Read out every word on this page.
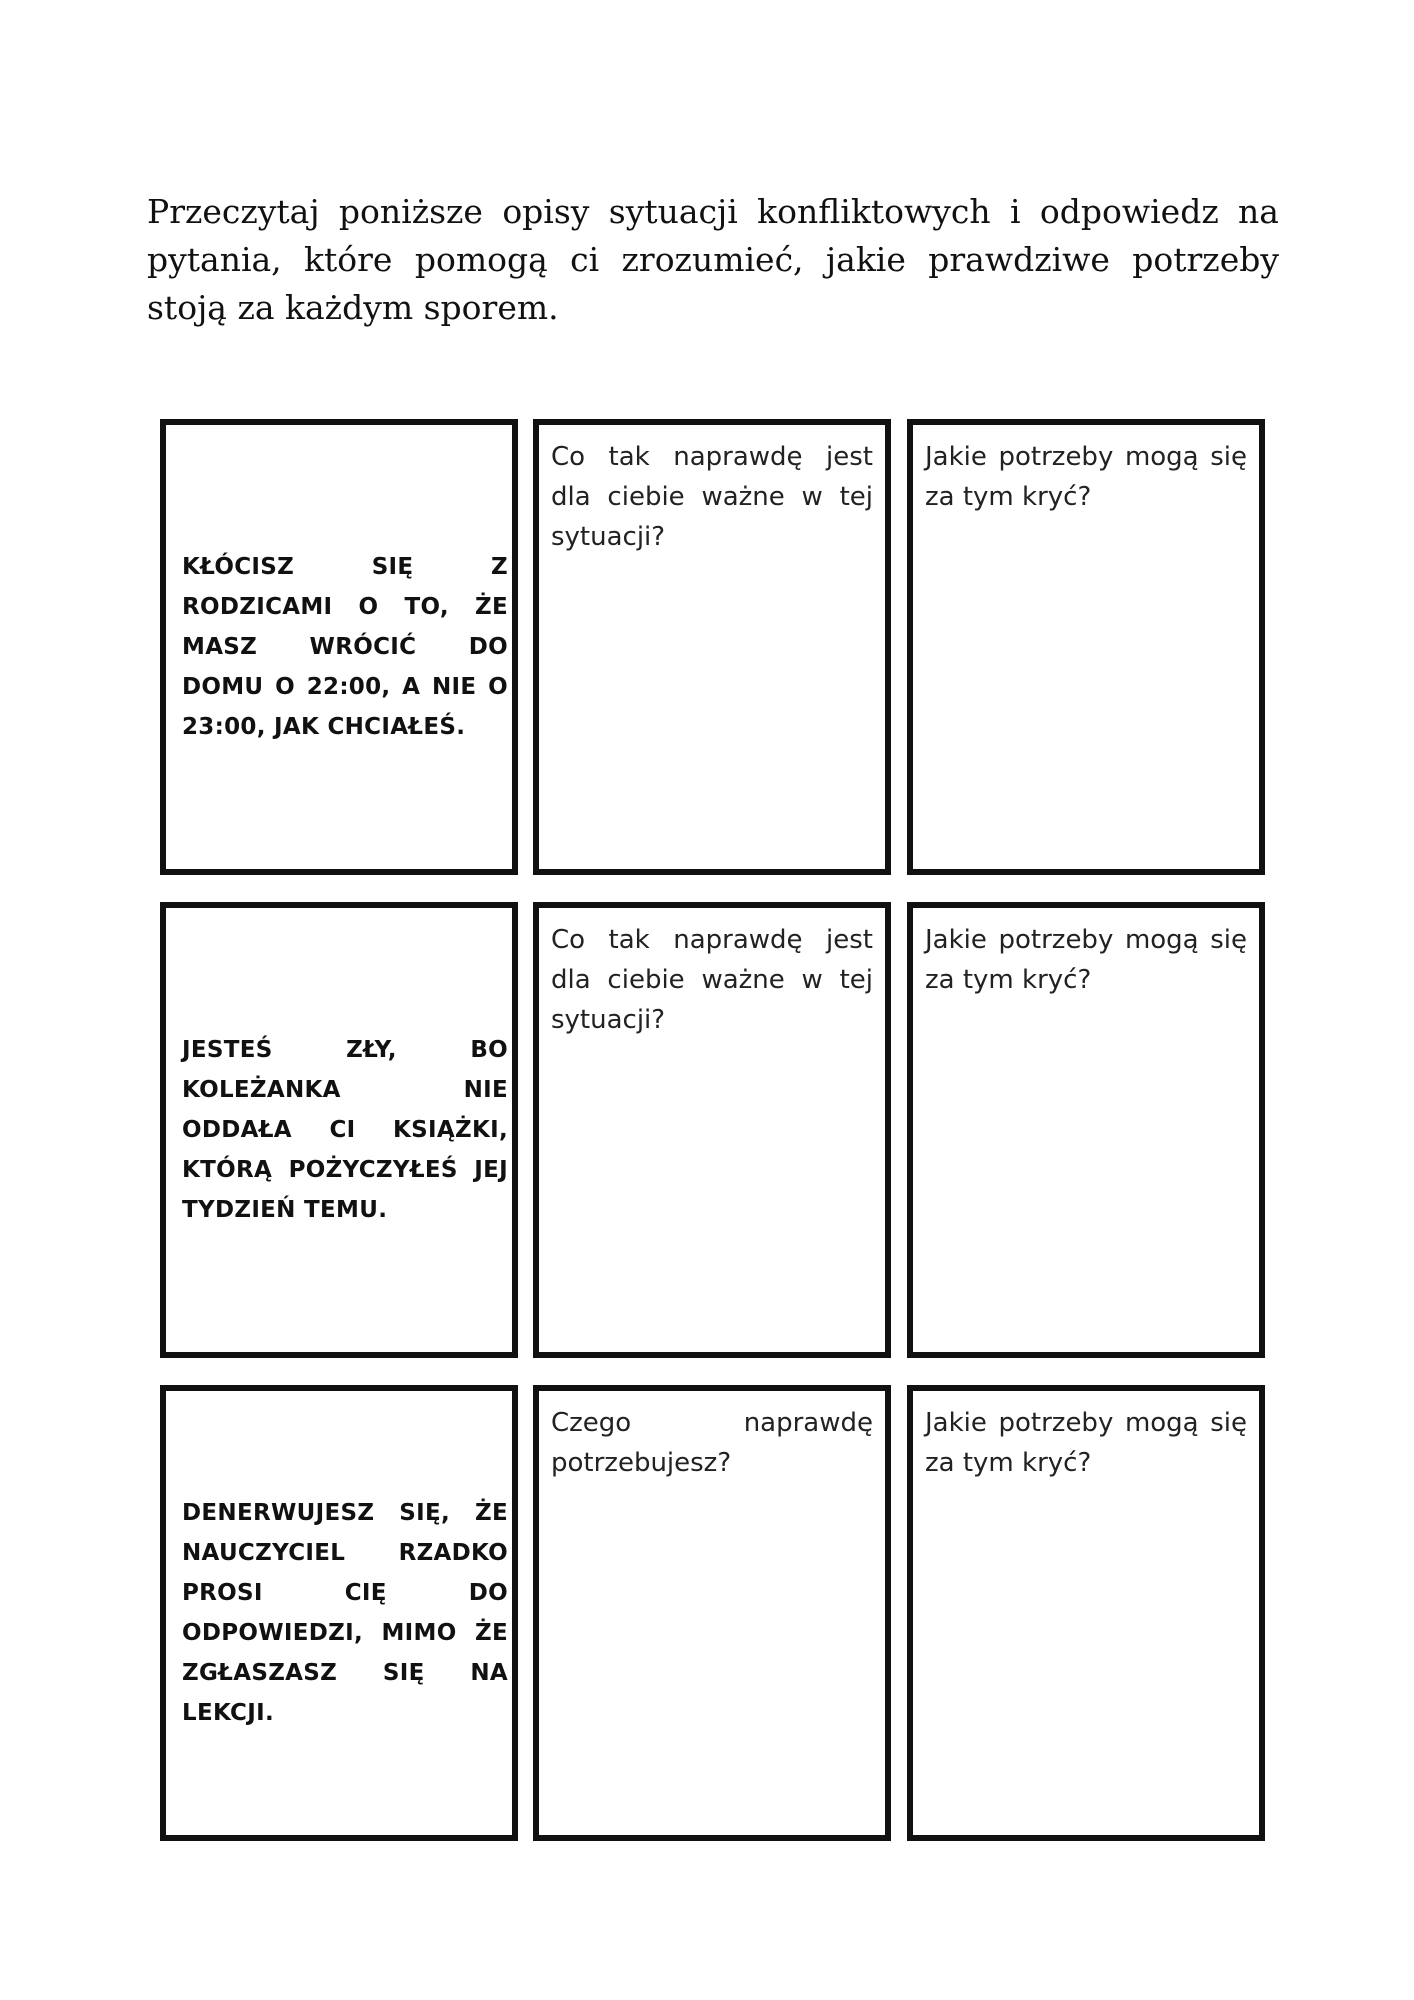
Przeczytaj poniższe opisy sytuacji konfliktowych i odpowiedz na pytania, które pomogą ci zrozumieć, jakie prawdziwe potrzeby stoją za każdym sporem.

KŁÓCISZ SIĘ Z RODZICAMI O TO, ŻE MASZ WRÓCIĆ DO DOMU O 22:00, A NIE O 23:00, JAK CHCIAŁEŚ.
Co tak naprawdę jest dla ciebie ważne w tej sytuacji?
Jakie potrzeby mogą się za tym kryć?
JESTEŚ ZŁY, BO KOLEŻANKA NIE ODDAŁA CI KSIĄŻKI, KTÓRĄ POŻYCZYŁEŚ JEJ TYDZIEŃ TEMU.
Co tak naprawdę jest dla ciebie ważne w tej sytuacji?
Jakie potrzeby mogą się za tym kryć?
DENERWUJESZ SIĘ, ŻE NAUCZYCIEL RZADKO PROSI CIĘ DO ODPOWIEDZI, MIMO ŻE ZGŁASZASZ SIĘ NA LEKCJI.
Czego naprawdę potrzebujesz?
Jakie potrzeby mogą się za tym kryć?
